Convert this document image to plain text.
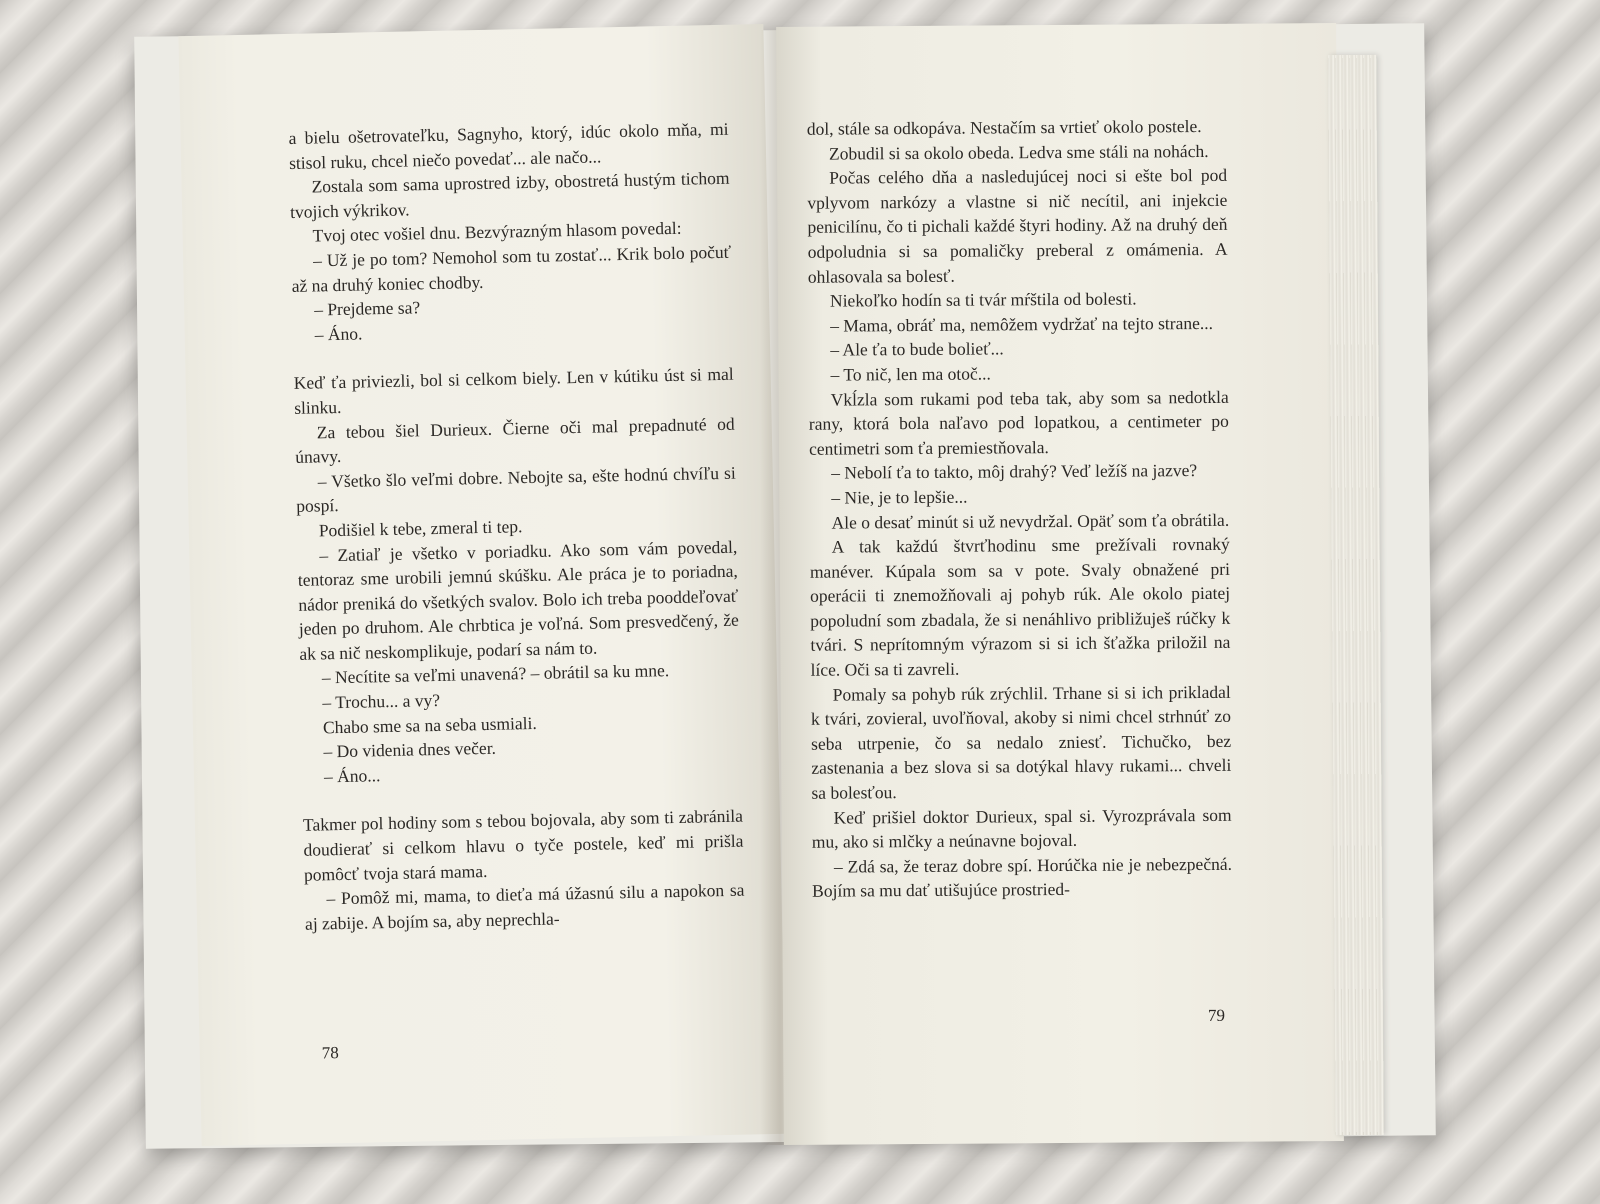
a bielu ošetrovateľku, Sagnyho, ktorý, idúc okolo mňa, mi stisol ruku, chcel niečo povedať... ale načo...

Zostala som sama uprostred izby, obostretá hustým tichom tvojich výkrikov.

Tvoj otec vošiel dnu. Bezvýrazným hlasom povedal:

– Už je po tom? Nemohol som tu zostať... Krik bolo počuť až na druhý koniec chodby.

– Prejdeme sa?

– Áno.

Keď ťa priviezli, bol si celkom biely. Len v kútiku úst si mal slinku.

Za tebou šiel Durieux. Čierne oči mal prepadnuté od únavy.

– Všetko šlo veľmi dobre. Nebojte sa, ešte hodnú chvíľu si pospí.

Podišiel k tebe, zmeral ti tep.

– Zatiaľ je všetko v poriadku. Ako som vám povedal, tentoraz sme urobili jemnú skúšku. Ale práca je to poriadna, nádor preniká do všetkých svalov. Bolo ich treba pooddeľovať jeden po druhom. Ale chrbtica je voľná. Som presvedčený, že ak sa nič neskomplikuje, podarí sa nám to.

– Necítite sa veľmi unavená? – obrátil sa ku mne.

– Trochu... a vy?

Chabo sme sa na seba usmiali.

– Do videnia dnes večer.

– Áno...

Takmer pol hodiny som s tebou bojovala, aby som ti zabránila doudierať si celkom hlavu o tyče postele, keď mi prišla pomôcť tvoja stará mama.

– Pomôž mi, mama, to dieťa má úžasnú silu a napokon sa aj zabije. A bojím sa, aby neprechla-

78

dol, stále sa odkopáva. Nestačím sa vrtieť okolo postele.

Zobudil si sa okolo obeda. Ledva sme stáli na nohách.

Počas celého dňa a nasledujúcej noci si ešte bol pod vplyvom narkózy a vlastne si nič necítil, ani injekcie penicilínu, čo ti pichali každé štyri hodiny. Až na druhý deň odpoludnia si sa pomaličky preberal z omámenia. A ohlasovala sa bolesť.

Niekoľko hodín sa ti tvár mŕštila od bolesti.

– Mama, obráť ma, nemôžem vydržať na tejto strane...

– Ale ťa to bude bolieť...

– To nič, len ma otoč...

Vkĺzla som rukami pod teba tak, aby som sa nedotkla rany, ktorá bola naľavo pod lopatkou, a centimeter po centimetri som ťa premiestňovala.

– Nebolí ťa to takto, môj drahý? Veď ležíš na jazve?

– Nie, je to lepšie...

Ale o desať minút si už nevydržal. Opäť som ťa obrátila.

A tak každú štvrťhodinu sme prežívali rovnaký manéver. Kúpala som sa v pote. Svaly obnažené pri operácii ti znemožňovali aj pohyb rúk. Ale okolo piatej popoludní som zbadala, že si nenáhlivo približuješ rúčky k tvári. S neprítomným výrazom si si ich šťažka priložil na líce. Oči sa ti zavreli.

Pomaly sa pohyb rúk zrýchlil. Trhane si si ich prikladal k tvári, zovieral, uvoľňoval, akoby si nimi chcel strhnúť zo seba utrpenie, čo sa nedalo zniesť. Tichučko, bez zastenania a bez slova si sa dotýkal hlavy rukami... chveli sa bolesťou.

Keď prišiel doktor Durieux, spal si. Vyrozprávala som mu, ako si mlčky a neúnavne bojoval.

– Zdá sa, že teraz dobre spí. Horúčka nie je nebezpečná. Bojím sa mu dať utišujúce prostried-

79
